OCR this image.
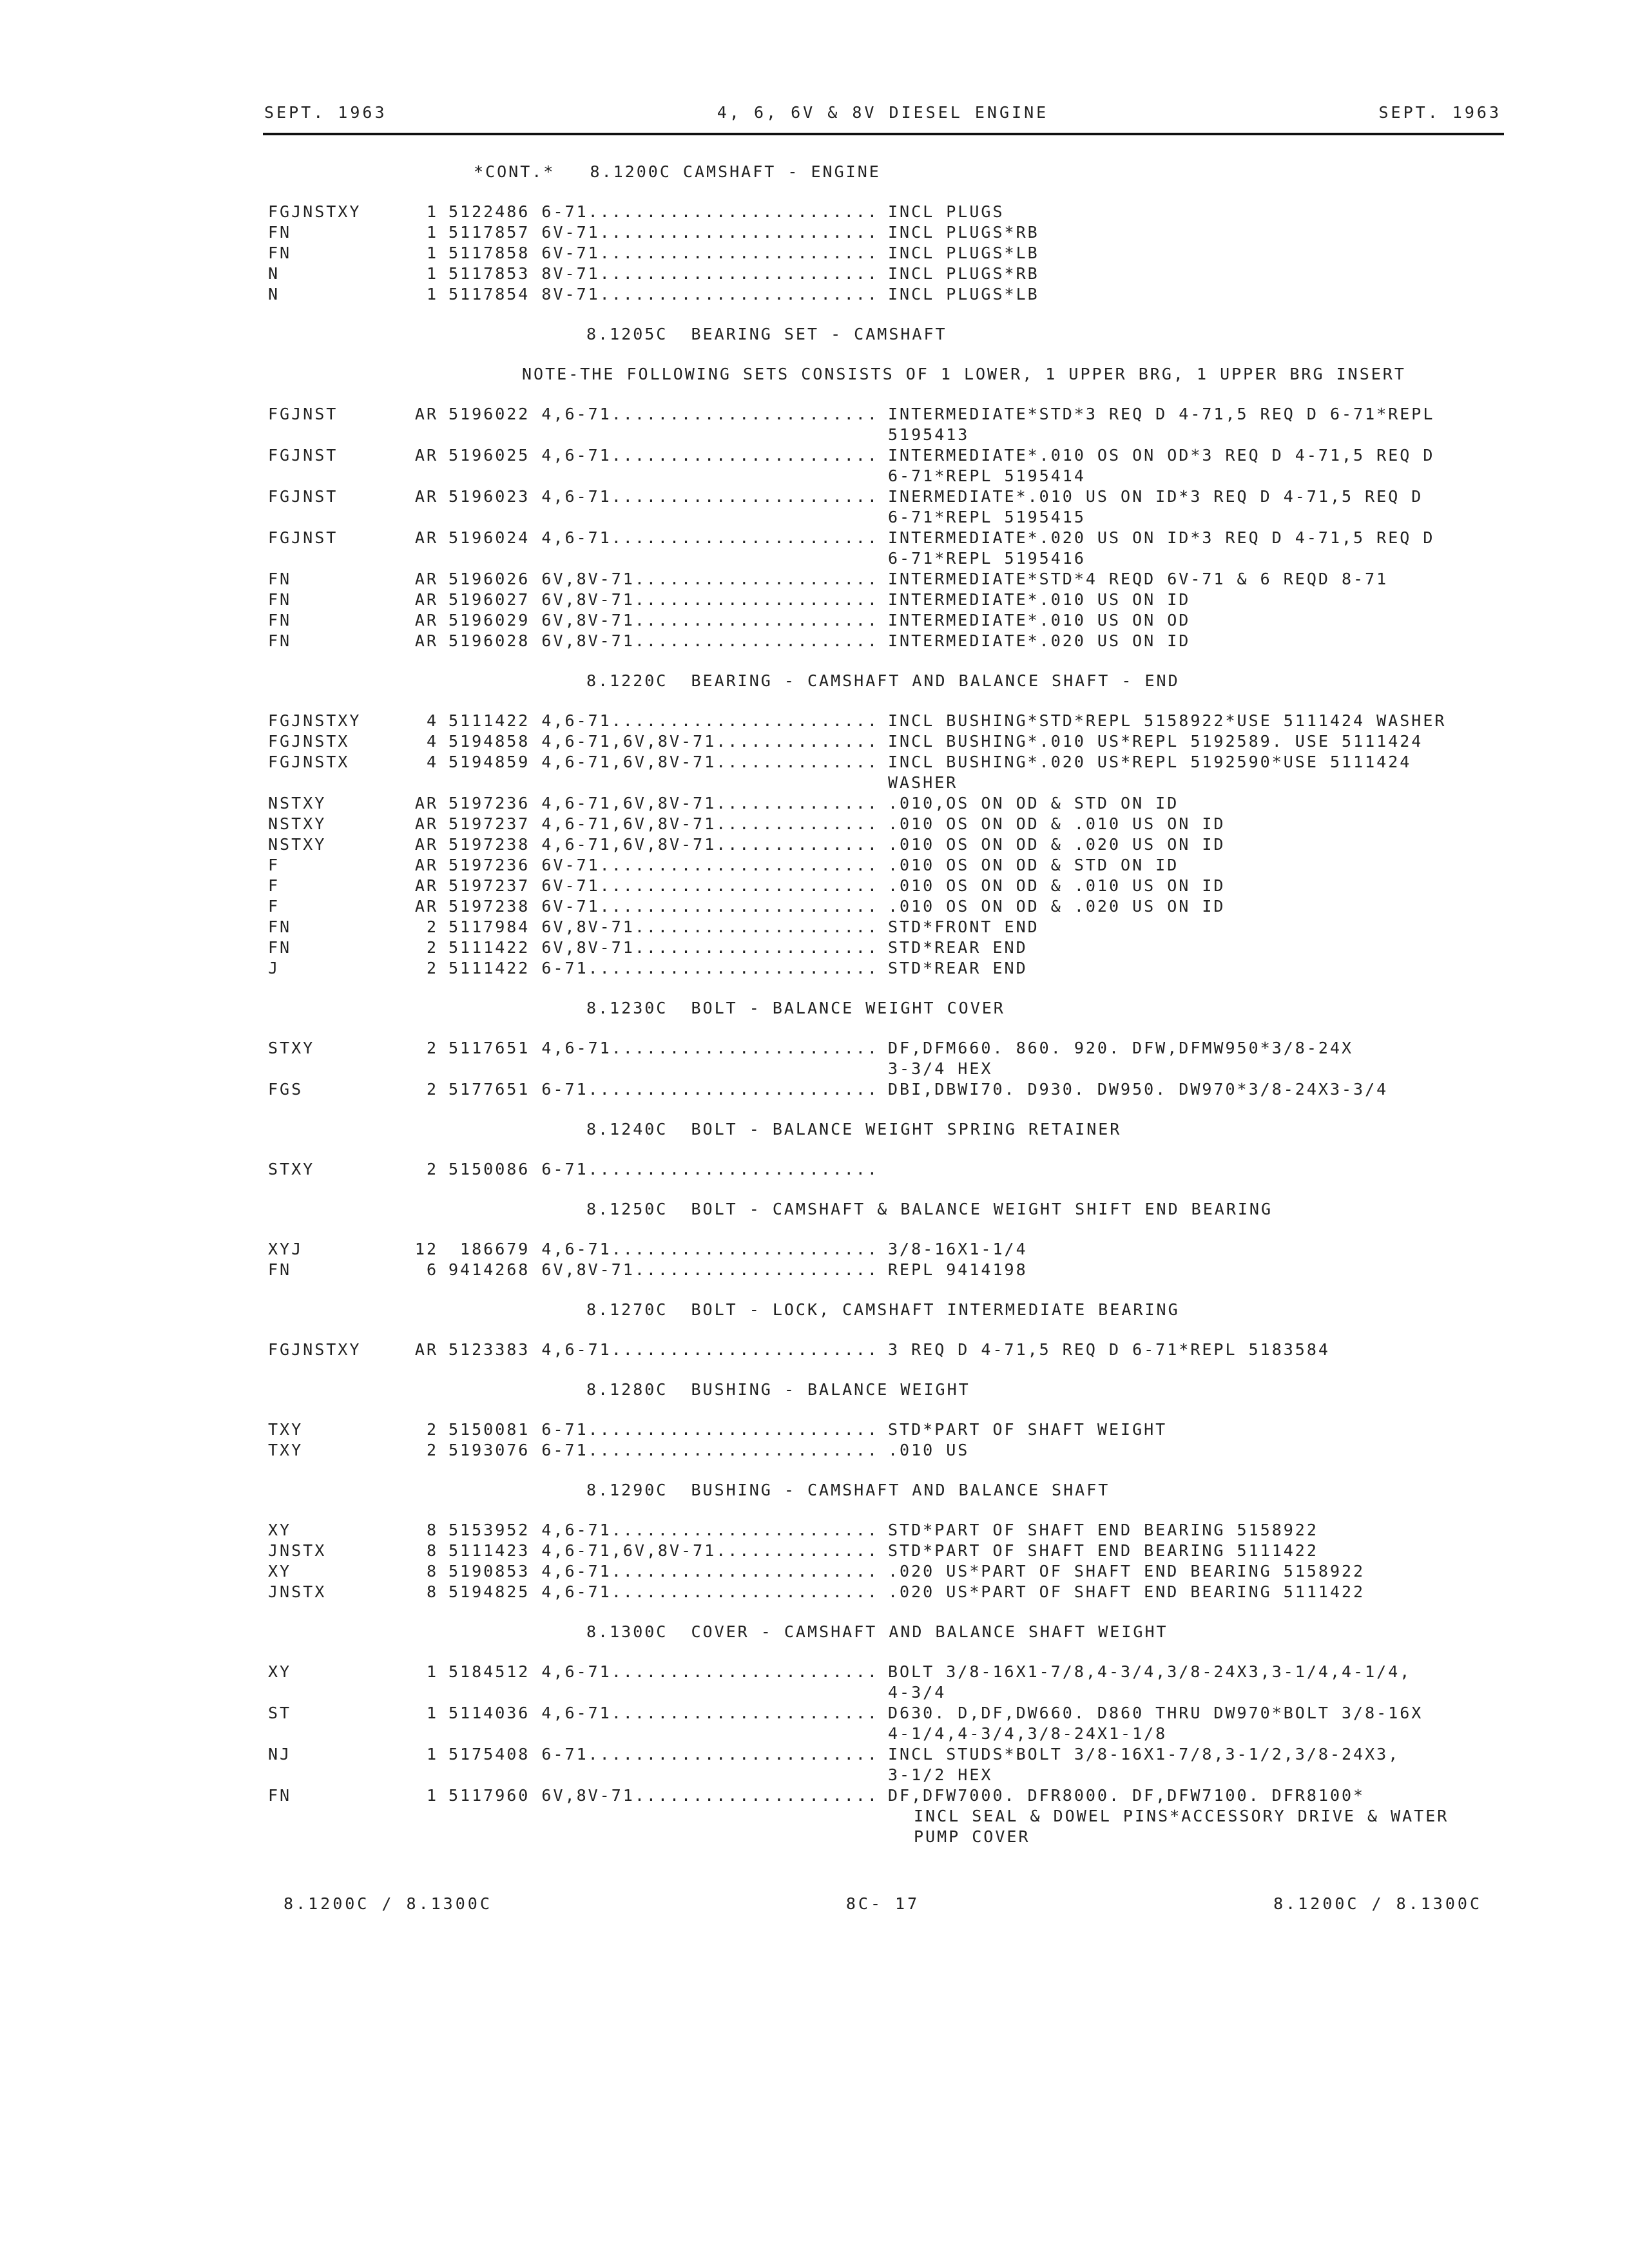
SEPT. 1963	4, 6, 6V & 8V DIESEL ENGINE	SEPT. 1963
*CONT.*   8.1200C CAMSHAFT - ENGINE
FGJNSTXY	1 5122486 6-71......................... INCL PLUGS
FN	1 5117857 6V-71........................ INCL PLUGS*RB
FN	1 5117858 6V-71........................ INCL PLUGS*LB
N	1 5117853 8V-71........................ INCL PLUGS*RB
N	1 5117854 8V-71........................ INCL PLUGS*LB
8.1205C  BEARING SET - CAMSHAFT
NOTE-THE FOLLOWING SETS CONSISTS OF 1 LOWER, 1 UPPER BRG, 1 UPPER BRG INSERT
FGJNST	AR 5196022 4,6-71....................... INTERMEDIATE*STD*3 REQ D 4-71,5 REQ D 6-71*REPL
5195413
FGJNST	AR 5196025 4,6-71....................... INTERMEDIATE*.010 OS ON OD*3 REQ D 4-71,5 REQ D
6-71*REPL 5195414
FGJNST	AR 5196023 4,6-71....................... INERMEDIATE*.010 US ON ID*3 REQ D 4-71,5 REQ D
6-71*REPL 5195415
FGJNST	AR 5196024 4,6-71....................... INTERMEDIATE*.020 US ON ID*3 REQ D 4-71,5 REQ D
6-71*REPL 5195416
FN	AR 5196026 6V,8V-71..................... INTERMEDIATE*STD*4 REQD 6V-71 & 6 REQD 8-71
FN	AR 5196027 6V,8V-71..................... INTERMEDIATE*.010 US ON ID
FN	AR 5196029 6V,8V-71..................... INTERMEDIATE*.010 US ON OD
FN	AR 5196028 6V,8V-71..................... INTERMEDIATE*.020 US ON ID
8.1220C  BEARING - CAMSHAFT AND BALANCE SHAFT - END
FGJNSTXY	4 5111422 4,6-71....................... INCL BUSHING*STD*REPL 5158922*USE 5111424 WASHER
FGJNSTX	4 5194858 4,6-71,6V,8V-71.............. INCL BUSHING*.010 US*REPL 5192589. USE 5111424
FGJNSTX	4 5194859 4,6-71,6V,8V-71.............. INCL BUSHING*.020 US*REPL 5192590*USE 5111424
WASHER
NSTXY	AR 5197236 4,6-71,6V,8V-71.............. .010,OS ON OD & STD ON ID
NSTXY	AR 5197237 4,6-71,6V,8V-71.............. .010 OS ON OD & .010 US ON ID
NSTXY	AR 5197238 4,6-71,6V,8V-71.............. .010 OS ON OD & .020 US ON ID
F	AR 5197236 6V-71........................ .010 OS ON OD & STD ON ID
F	AR 5197237 6V-71........................ .010 OS ON OD & .010 US ON ID
F	AR 5197238 6V-71........................ .010 OS ON OD & .020 US ON ID
FN	2 5117984 6V,8V-71..................... STD*FRONT END
FN	2 5111422 6V,8V-71..................... STD*REAR END
J	2 5111422 6-71......................... STD*REAR END
8.1230C  BOLT - BALANCE WEIGHT COVER
STXY	2 5117651 4,6-71....................... DF,DFM660. 860. 920. DFW,DFMW950*3/8-24X
3-3/4 HEX
FGS	2 5177651 6-71......................... DBI,DBWI70. D930. DW950. DW970*3/8-24X3-3/4
8.1240C  BOLT - BALANCE WEIGHT SPRING RETAINER
STXY	2 5150086 6-71.........................
8.1250C  BOLT - CAMSHAFT & BALANCE WEIGHT SHIFT END BEARING
XYJ	12 186679 4,6-71....................... 3/8-16X1-1/4
FN	6 9414268 6V,8V-71..................... REPL 9414198
8.1270C  BOLT - LOCK, CAMSHAFT INTERMEDIATE BEARING
FGJNSTXY	AR 5123383 4,6-71....................... 3 REQ D 4-71,5 REQ D 6-71*REPL 5183584
8.1280C  BUSHING - BALANCE WEIGHT
TXY	2 5150081 6-71......................... STD*PART OF SHAFT WEIGHT
TXY	2 5193076 6-71......................... .010 US
8.1290C  BUSHING - CAMSHAFT AND BALANCE SHAFT
XY	8 5153952 4,6-71....................... STD*PART OF SHAFT END BEARING 5158922
JNSTX	8 5111423 4,6-71,6V,8V-71.............. STD*PART OF SHAFT END BEARING 5111422
XY	8 5190853 4,6-71....................... .020 US*PART OF SHAFT END BEARING 5158922
JNSTX	8 5194825 4,6-71....................... .020 US*PART OF SHAFT END BEARING 5111422
8.1300C  COVER - CAMSHAFT AND BALANCE SHAFT WEIGHT
XY	1 5184512 4,6-71....................... BOLT 3/8-16X1-7/8,4-3/4,3/8-24X3,3-1/4,4-1/4,
4-3/4
ST	1 5114036 4,6-71....................... D630. D,DF,DW660. D860 THRU DW970*BOLT 3/8-16X
4-1/4,4-3/4,3/8-24X1-1/8
NJ	1 5175408 6-71......................... INCL STUDS*BOLT 3/8-16X1-7/8,3-1/2,3/8-24X3,
3-1/2 HEX
FN	1 5117960 6V,8V-71..................... DF,DFW7000. DFR8000. DF,DFW7100. DFR8100*
INCL SEAL & DOWEL PINS*ACCESSORY DRIVE & WATER
PUMP COVER
8.1200C / 8.1300C	8C- 17	8.1200C / 8.1300C
